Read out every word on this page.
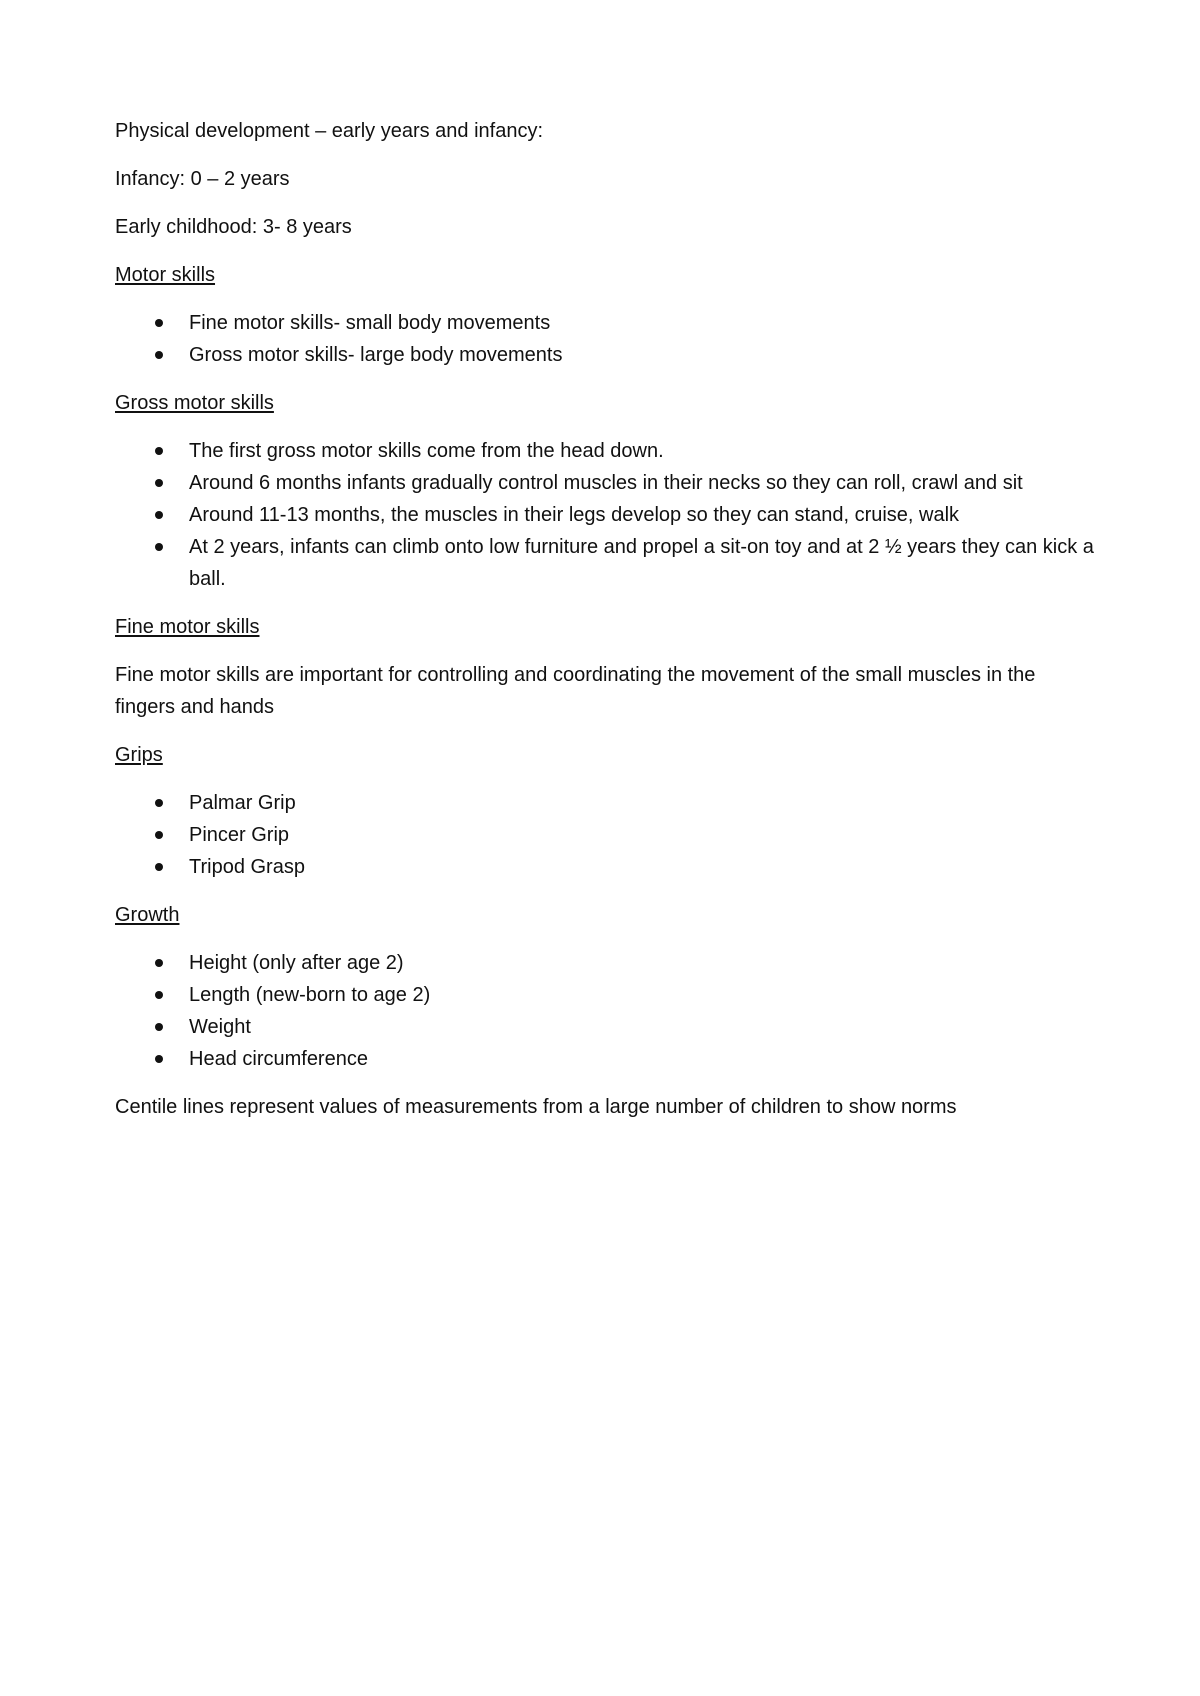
Physical development – early years and infancy:

Infancy: 0 – 2 years

Early childhood: 3- 8 years

Motor skills

Fine motor skills- small body movements
Gross motor skills- large body movements

Gross motor skills

The first gross motor skills come from the head down.
Around 6 months infants gradually control muscles in their necks so they can roll, crawl and sit
Around 11-13 months, the muscles in their legs develop so they can stand, cruise, walk
At 2 years, infants can climb onto low furniture and propel a sit-on toy and at 2 ½ years they can kick a ball.

Fine motor skills

Fine motor skills are important for controlling and coordinating the movement of the small muscles in the fingers and hands

Grips

Palmar Grip
Pincer Grip
Tripod Grasp

Growth

Height (only after age 2)
Length (new-born to age 2)
Weight
Head circumference

Centile lines represent values of measurements from a large number of children to show norms
